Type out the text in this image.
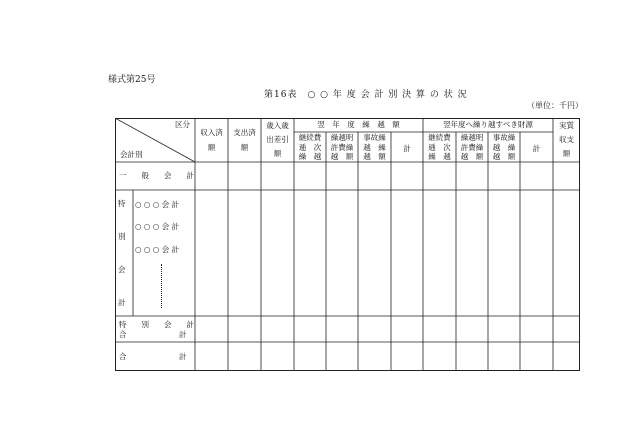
様式第25号
第16表　○ ○ 年 度 会 計 別 決 算 の 状 況
（単位：千円）
区分
会計別
収入済
額
支出済
額
歳入歳
出差引
額
翌　年　度　繰　越　額
継続費
逓　次
繰　越
繰越明
許費繰
越　額
事故繰
越　繰
越　額
計
翌年度へ繰り越すべき財源
継続費
逓　次
繰　越
繰越明
許費繰
越　額
事故繰
越　繰
越　額
計
実質
収支
額
一　　般　　会　　計
特
別
会
計
○ ○ ○ 会 計
○ ○ ○ 会 計
○ ○ ○ 会 計
特　　別　　会　　計
合　　　　　　　計
合　　　　　　　計
